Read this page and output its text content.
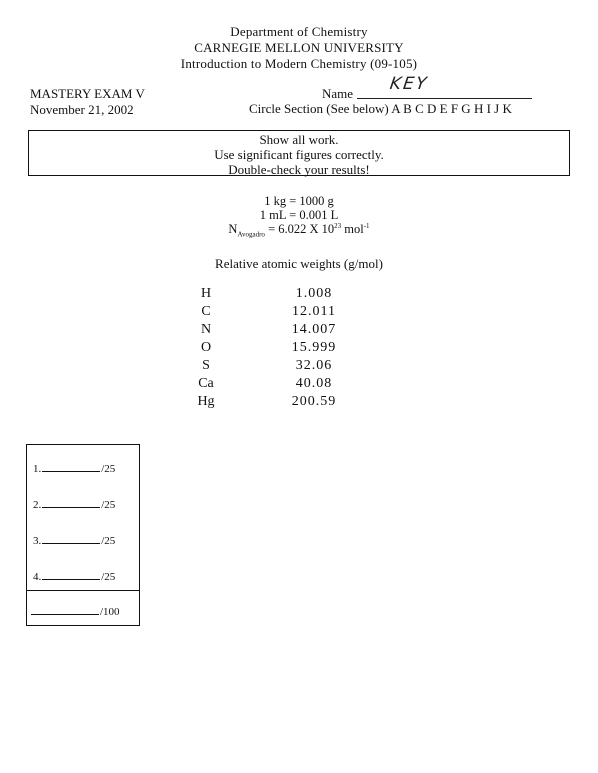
Department of Chemistry
CARNEGIE MELLON UNIVERSITY
Introduction to Modern Chemistry (09-105)
MASTERY EXAM V
November 21, 2002
Name KEY
Circle Section (See below) A B C D E F G H I J K
Show all work.
Use significant figures correctly.
Double-check your results!
1 kg = 1000 g
1 mL = 0.001 L
$N_{Avogadro} = 6.022$ X $10^{23}$ mol$^{-1}$
Relative atomic weights (g/mol)
H	1.008
C	12.011
N	14.007
O	15.999
S	32.06
Ca	40.08
Hg	200.59
1.	/25
2.	/25
3.	/25
4.	/25
/100
